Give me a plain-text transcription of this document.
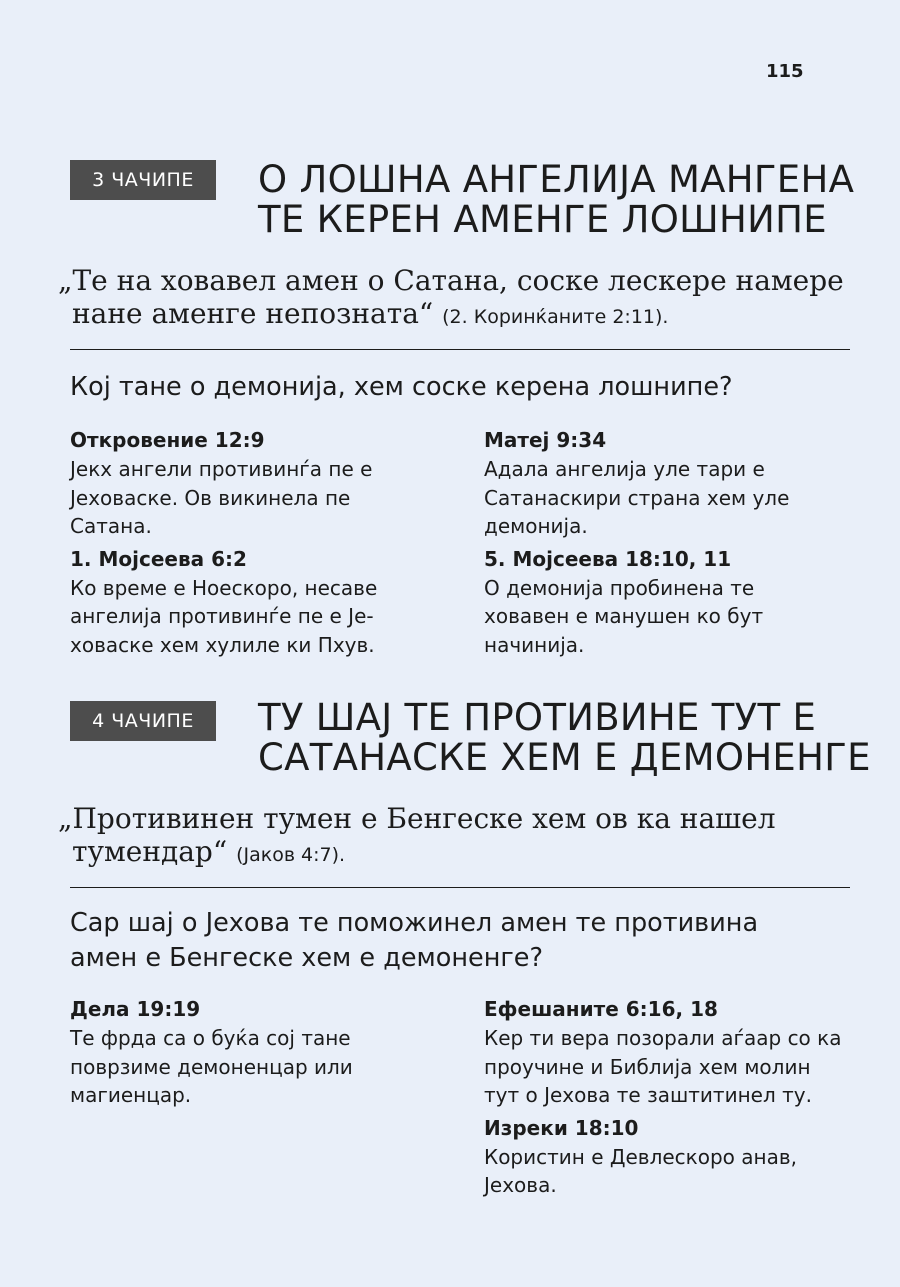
115
3 ЧАЧИПЕ	О ЛОШНА АНГЕЛИЈА МАНГЕНА
ТЕ КЕРЕН АМЕНГЕ ЛОШНИПЕ

„Те на ховавел амен о Сатана, соске лескере намере
нане аменге непозната“ (2. Коринќаните 2:11).

Кој тане о демонија, хем соске керена лошнипе?
Откровение 12:9
Јекх ангели противинѓа пе е Јеховаске. Ов викинела пе Сатана.
1. Мојсеева 6:2
Ко време е Ноескоро, несаве ангелија противинѓе пе е Јеховаске хем хулиле ки Пхув.
Матеј 9:34
Адала ангелија уле тари е Сатанаскири страна хем уле демонија.
5. Мојсеева 18:10, 11
О демонија пробинена те ховавен е манушен ко бут начинија.
4 ЧАЧИПЕ	ТУ ШАЈ ТЕ ПРОТИВИНЕ ТУТ Е
САТАНАСКЕ ХЕМ Е ДЕМОНЕНГЕ

„Противинен тумен е Бенгеске хем ов ка нашел
тумендар“ (Јаков 4:7).

Сар шај о Јехова те поможинел амен те противина амен е Бенгеске хем е демоненге?
Дела 19:19
Те фрда са о буќа сој тане поврзиме демоненцар или магиенцар.
Ефешаните 6:16, 18
Кер ти вера позорали аѓаар со ка проучине и Библија хем молин тут о Јехова те заштитинел ту.
Изреки 18:10
Користин е Девлескоро анав, Јехова.
